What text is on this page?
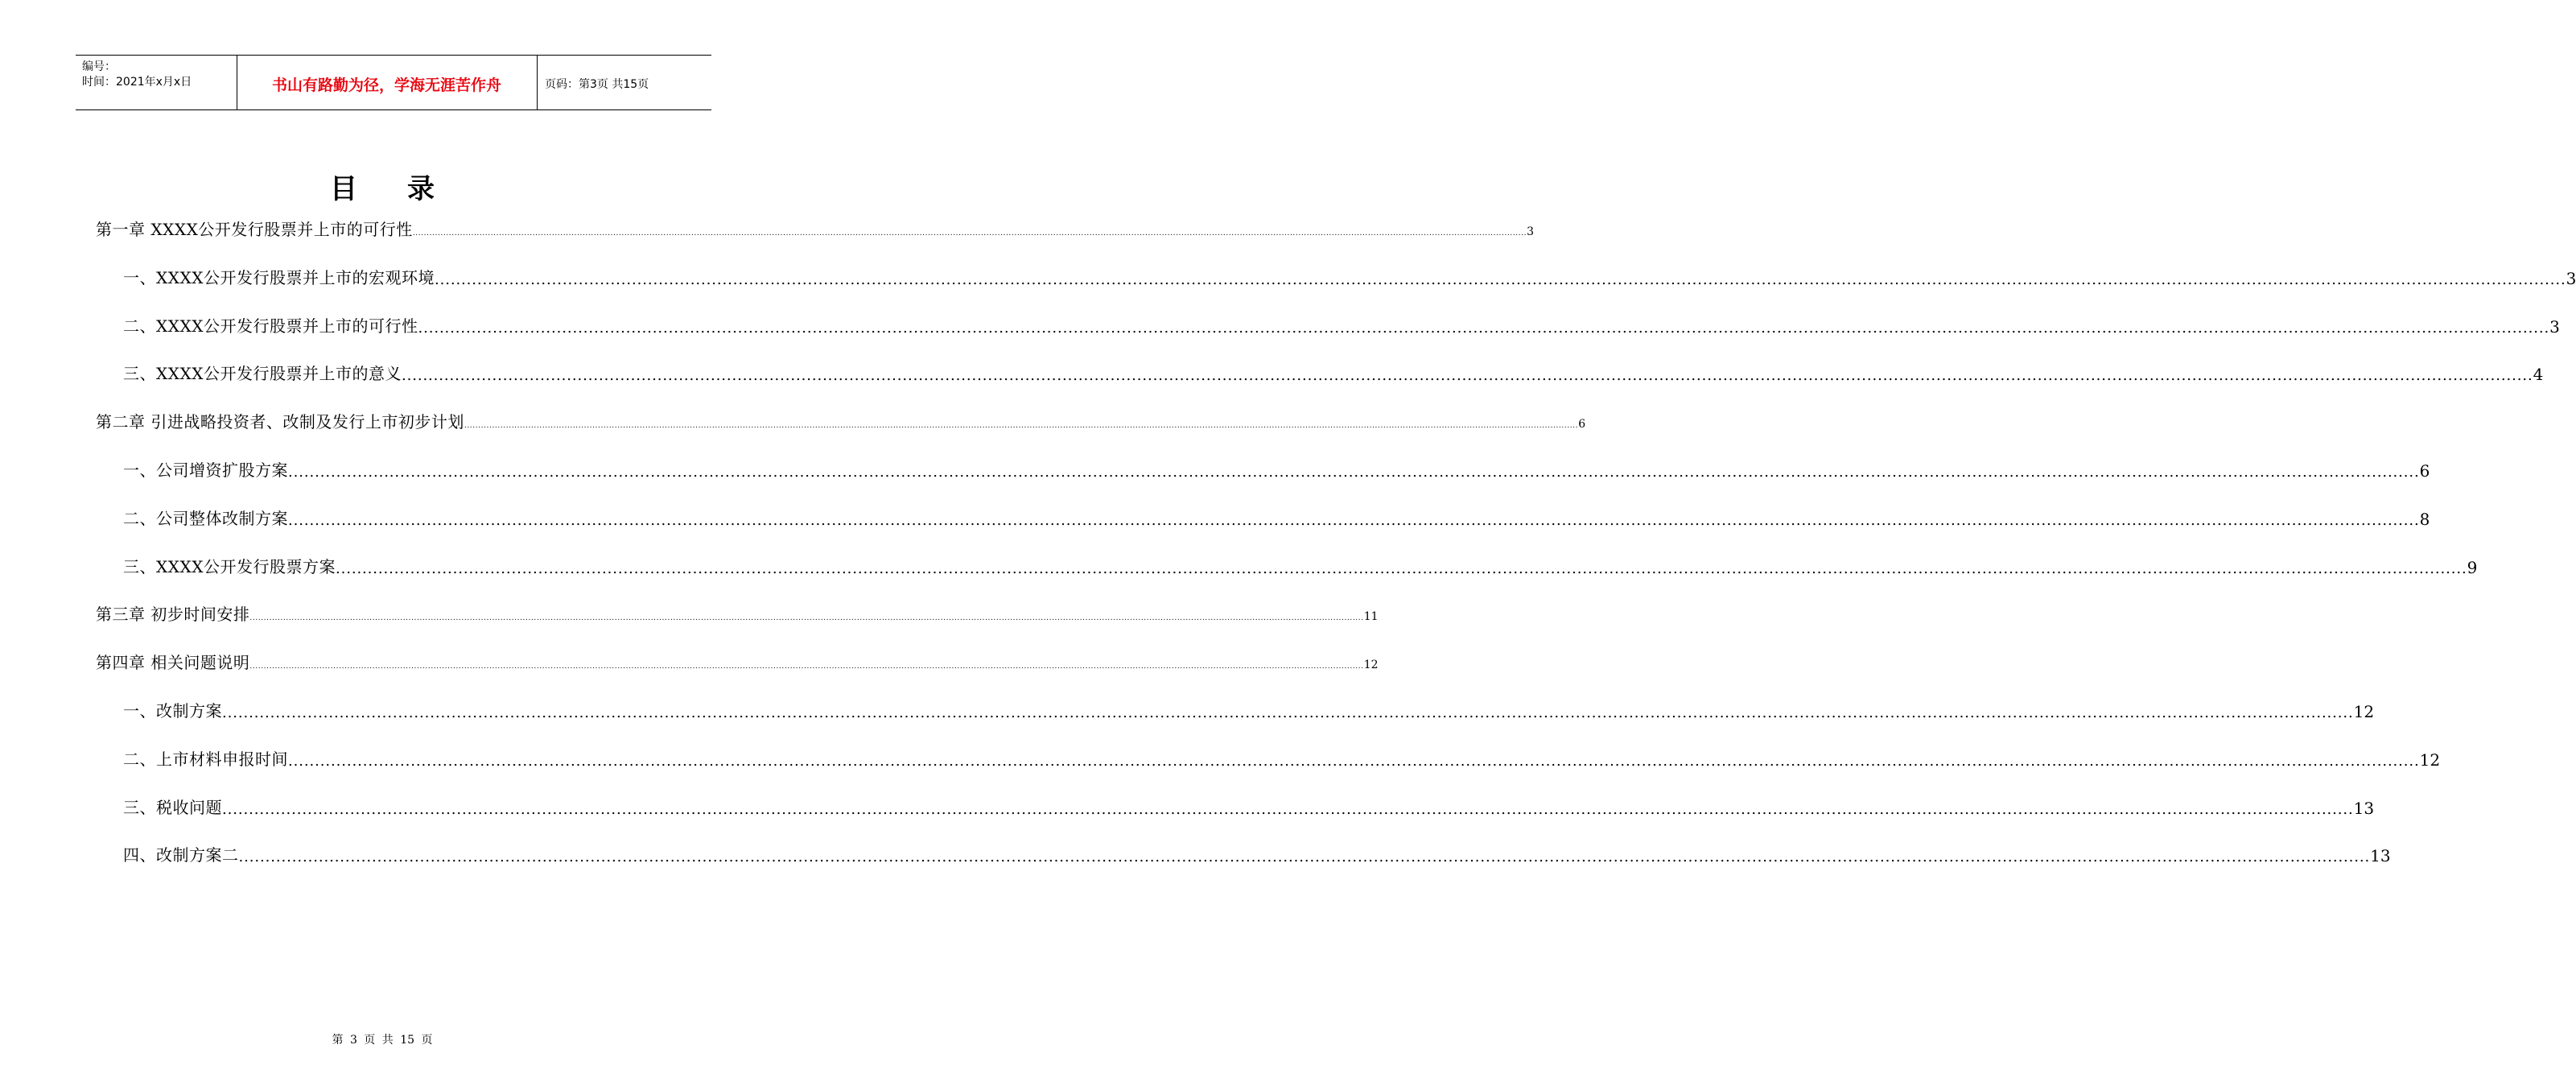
编号：
时间：2021年x月x日	书山有路勤为径，学海无涯苦作舟	页码：第3页 共15页
目录
第一章 XXXX公开发行股票并上市的可行性 ................................................................................................................................................................................................................................................................................................................................................................................................................ 3
一、XXXX公开发行股票并上市的宏观环境 ................................................................................................................................................................................................................................................................................................................................................................................................................ 3
二、XXXX公开发行股票并上市的可行性 ................................................................................................................................................................................................................................................................................................................................................................................................................ 3
三、XXXX公开发行股票并上市的意义 ................................................................................................................................................................................................................................................................................................................................................................................................................ 4
第二章 引进战略投资者、改制及发行上市初步计划 ................................................................................................................................................................................................................................................................................................................................................................................................................ 6
一、公司增资扩股方案 ................................................................................................................................................................................................................................................................................................................................................................................................................ 6
二、公司整体改制方案 ................................................................................................................................................................................................................................................................................................................................................................................................................ 8
三、XXXX公开发行股票方案 ................................................................................................................................................................................................................................................................................................................................................................................................................ 9
第三章 初步时间安排 ................................................................................................................................................................................................................................................................................................................................................................................................................ 11
第四章 相关问题说明 ................................................................................................................................................................................................................................................................................................................................................................................................................ 12
一、改制方案 ................................................................................................................................................................................................................................................................................................................................................................................................................ 12
二、上市材料申报时间 ................................................................................................................................................................................................................................................................................................................................................................................................................ 12
三、税收问题 ................................................................................................................................................................................................................................................................................................................................................................................................................ 13
四、改制方案二 ................................................................................................................................................................................................................................................................................................................................................................................................................ 13
第 3 页 共 15 页
